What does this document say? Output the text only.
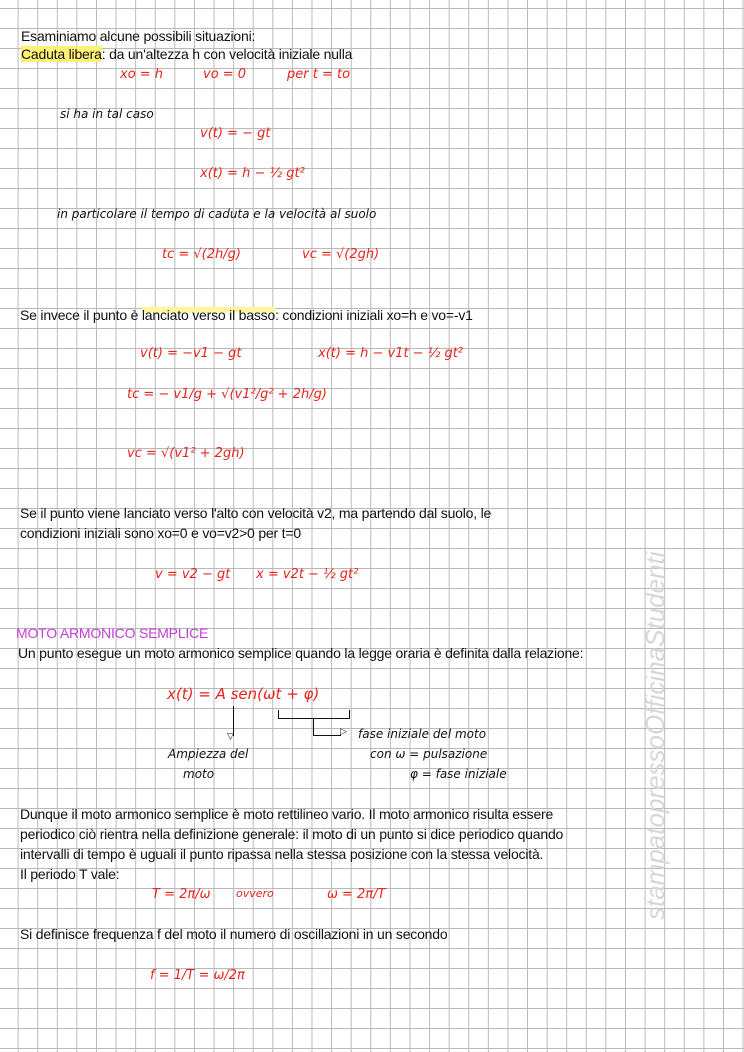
stampatopressoOfficinaStudenti
Esaminiamo alcune possibili situazioni:
Caduta libera: da un'altezza h con velocità iniziale nulla
xo = h	vo = 0	per t = to
si ha in tal caso
v(t) = − gt
x(t) = h − ½ gt²
in particolare il tempo di caduta e la velocità al suolo
tc = √(2h/g)	vc = √(2gh)
Se invece il punto è lanciato verso il basso: condizioni iniziali xo=h e vo=-v1
v(t) = −v1 − gt	x(t) = h − v1t − ½ gt²
tc = − v1/g + √(v1²/g² + 2h/g)
vc = √(v1² + 2gh)
Se il punto viene lanciato verso l'alto con velocità v2, ma partendo dal suolo, le
condizioni iniziali sono xo=0 e vo=v2>0 per t=0
v = v2 − gt x = v2t − ½ gt²
MOTO ARMONICO SEMPLICE
Un punto esegue un moto armonico semplice quando la legge oraria è definita dalla relazione:
x(t) = A sen(ωt + φ)
▽	▷ fase iniziale del moto
Ampiezza del
moto
con ω = pulsazione
φ = fase iniziale
Dunque il moto armonico semplice è moto rettilineo vario. Il moto armonico risulta essere
periodico ciò rientra nella definizione generale: il moto di un punto si dice periodico quando
intervalli di tempo è uguali il punto ripassa nella stessa posizione con la stessa velocità.
Il periodo T vale:
T = 2π/ω ovvero	ω = 2π/T
Si definisce frequenza f del moto il numero di oscillazioni in un secondo
f = 1/T = ω/2π
